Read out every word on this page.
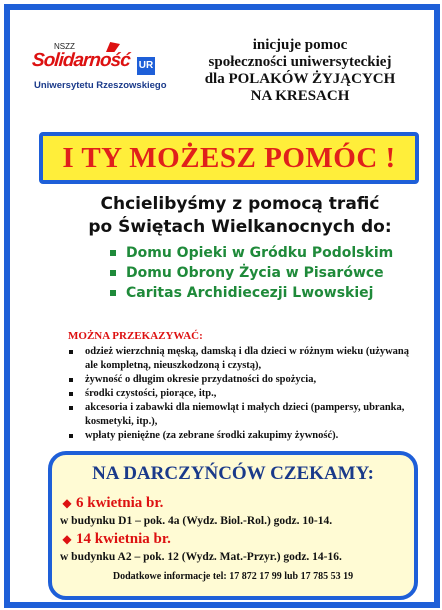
NSZZ
Solidarność UR
Uniwersytetu Rzeszowskiego
inicjuje pomoc
społeczności uniwersyteckiej
dla POLAKÓW ŻYJĄCYCH
NA KRESACH
I TY MOŻESZ POMÓC !
Chcielibyśmy z pomocą trafić
po Świętach Wielkanocnych do:
Domu Opieki w Gródku Podolskim
Domu Obrony Życia w Pisarówce
Caritas Archidiecezji Lwowskiej
MOŻNA PRZEKAZYWAĆ:
odzież wierzchnią męską, damską i dla dzieci w różnym wieku (używaną ale kompletną, nieuszkodzoną i czystą),
żywność o długim okresie przydatności do spożycia,
środki czystości, piorące, itp.,
akcesoria i zabawki dla niemowląt i małych dzieci (pampersy, ubranka, kosmetyki, itp.),
wpłaty pieniężne (za zebrane środki zakupimy żywność).
NA DARCZYŃCÓW CZEKAMY:
◆ 6 kwietnia br.
w budynku D1 – pok. 4a (Wydz. Biol.-Rol.) godz. 10-14.
◆ 14 kwietnia br.
w budynku A2 – pok. 12 (Wydz. Mat.-Przyr.) godz. 14-16.
Dodatkowe informacje tel: 17 872 17 99 lub 17 785 53 19
